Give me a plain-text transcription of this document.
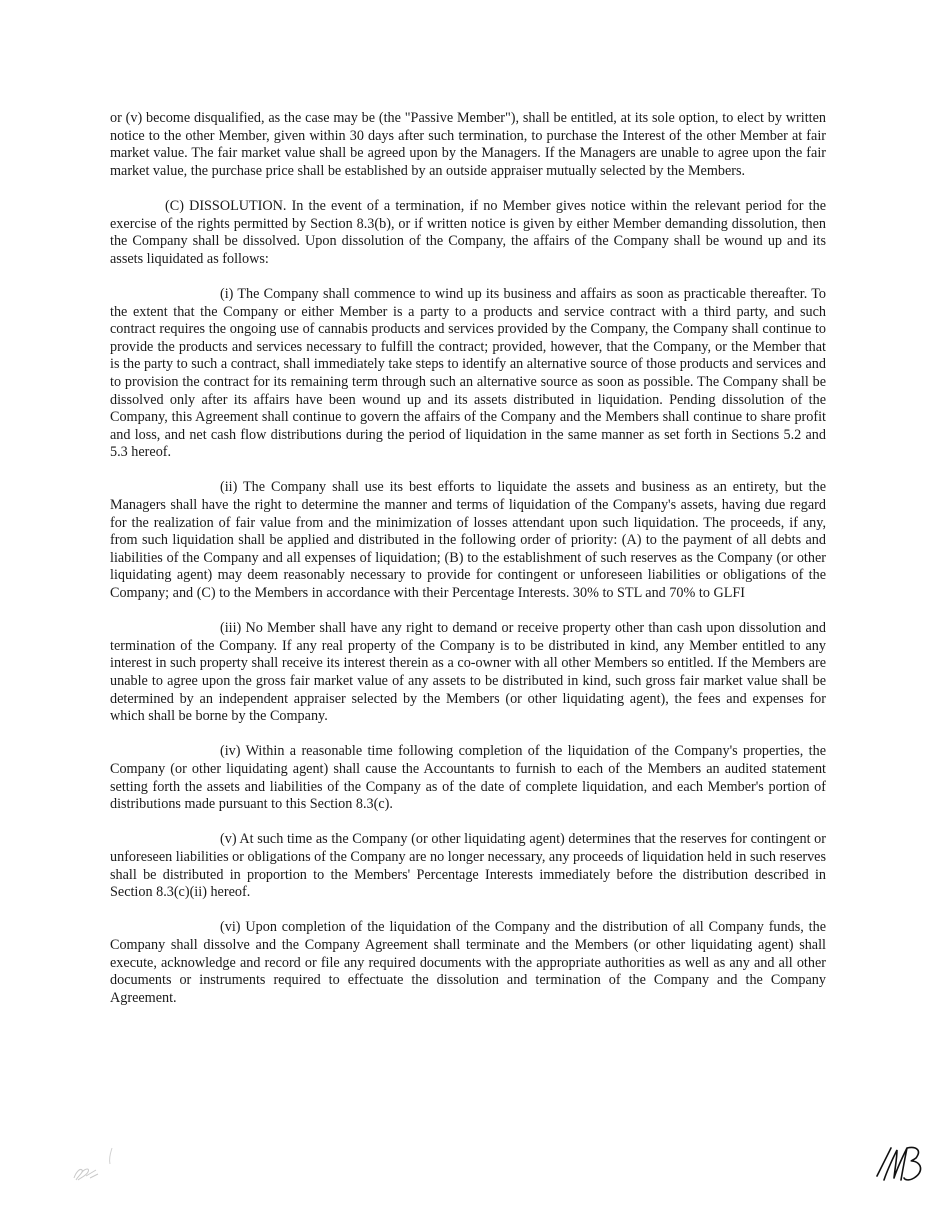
or (v) become disqualified, as the case may be (the "Passive Member"), shall be entitled, at its sole option, to elect by written notice to the other Member, given within 30 days after such termination, to purchase the Interest of the other Member at fair market value. The fair market value shall be agreed upon by the Managers. If the Managers are unable to agree upon the fair market value, the purchase price shall be established by an outside appraiser mutually selected by the Members.

(C) DISSOLUTION. In the event of a termination, if no Member gives notice within the relevant period for the exercise of the rights permitted by Section 8.3(b), or if written notice is given by either Member demanding dissolution, then the Company shall be dissolved. Upon dissolution of the Company, the affairs of the Company shall be wound up and its assets liquidated as follows:

(i) The Company shall commence to wind up its business and affairs as soon as practicable thereafter. To the extent that the Company or either Member is a party to a products and service contract with a third party, and such contract requires the ongoing use of cannabis products and services provided by the Company, the Company shall continue to provide the products and services necessary to fulfill the contract; provided, however, that the Company, or the Member that is the party to such a contract, shall immediately take steps to identify an alternative source of those products and services and to provision the contract for its remaining term through such an alternative source as soon as possible. The Company shall be dissolved only after its affairs have been wound up and its assets distributed in liquidation. Pending dissolution of the Company, this Agreement shall continue to govern the affairs of the Company and the Members shall continue to share profit and loss, and net cash flow distributions during the period of liquidation in the same manner as set forth in Sections 5.2 and 5.3 hereof.

(ii) The Company shall use its best efforts to liquidate the assets and business as an entirety, but the Managers shall have the right to determine the manner and terms of liquidation of the Company's assets, having due regard for the realization of fair value from and the minimization of losses attendant upon such liquidation. The proceeds, if any, from such liquidation shall be applied and distributed in the following order of priority: (A) to the payment of all debts and liabilities of the Company and all expenses of liquidation; (B) to the establishment of such reserves as the Company (or other liquidating agent) may deem reasonably necessary to provide for contingent or unforeseen liabilities or obligations of the Company; and (C) to the Members in accordance with their Percentage Interests. 30% to STL and 70% to GLFI

(iii) No Member shall have any right to demand or receive property other than cash upon dissolution and termination of the Company. If any real property of the Company is to be distributed in kind, any Member entitled to any interest in such property shall receive its interest therein as a co-owner with all other Members so entitled. If the Members are unable to agree upon the gross fair market value of any assets to be distributed in kind, such gross fair market value shall be determined by an independent appraiser selected by the Members (or other liquidating agent), the fees and expenses for which shall be borne by the Company.

(iv) Within a reasonable time following completion of the liquidation of the Company's properties, the Company (or other liquidating agent) shall cause the Accountants to furnish to each of the Members an audited statement setting forth the assets and liabilities of the Company as of the date of complete liquidation, and each Member's portion of distributions made pursuant to this Section 8.3(c).

(v) At such time as the Company (or other liquidating agent) determines that the reserves for contingent or unforeseen liabilities or obligations of the Company are no longer necessary, any proceeds of liquidation held in such reserves shall be distributed in proportion to the Members' Percentage Interests immediately before the distribution described in Section 8.3(c)(ii) hereof.

(vi) Upon completion of the liquidation of the Company and the distribution of all Company funds, the Company shall dissolve and the Company Agreement shall terminate and the Members (or other liquidating agent) shall execute, acknowledge and record or file any required documents with the appropriate authorities as well as any and all other documents or instruments required to effectuate the dissolution and termination of the Company and the Company Agreement.
